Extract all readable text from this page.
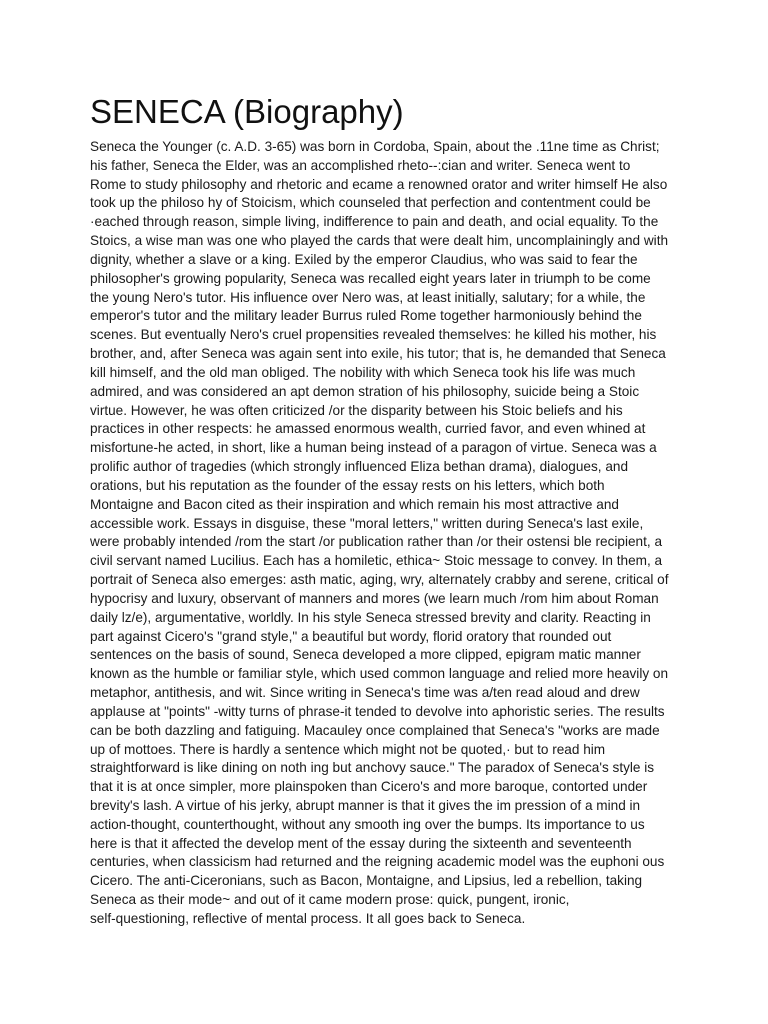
SENECA (Biography)
Seneca the Younger (c. A.D. 3-65) was born in Cordoba, Spain, about the .11ne time as Christ;
his father, Seneca the Elder, was an accomplished rheto--:cian and writer. Seneca went to
Rome to study philosophy and rhetoric and ecame a renowned orator and writer himself He also
took up the philoso hy of Stoicism, which counseled that perfection and contentment could be
·eached through reason, simple living, indifference to pain and death, and ocial equality. To the
Stoics, a wise man was one who played the cards that were dealt him, uncomplainingly and with
dignity, whether a slave or a king. Exiled by the emperor Claudius, who was said to fear the
philosopher's growing popularity, Seneca was recalled eight years later in triumph to be come
the young Nero's tutor. His influence over Nero was, at least initially, salutary; for a while, the
emperor's tutor and the military leader Burrus ruled Rome together harmoniously behind the
scenes. But eventually Nero's cruel propensities revealed themselves: he killed his mother, his
brother, and, after Seneca was again sent into exile, his tutor; that is, he demanded that Seneca
kill himself, and the old man obliged. The nobility with which Seneca took his life was much
admired, and was considered an apt demon stration of his philosophy, suicide being a Stoic
virtue. However, he was often criticized /or the disparity between his Stoic beliefs and his
practices in other respects: he amassed enormous wealth, curried favor, and even whined at
misfortune-he acted, in short, like a human being instead of a paragon of virtue. Seneca was a
prolific author of tragedies (which strongly influenced Eliza bethan drama), dialogues, and
orations, but his reputation as the founder of the essay rests on his letters, which both
Montaigne and Bacon cited as their inspiration and which remain his most attractive and
accessible work. Essays in disguise, these "moral letters," written during Seneca's last exile,
were probably intended /rom the start /or publication rather than /or their ostensi ble recipient, a
civil servant named Lucilius. Each has a homiletic, ethica~ Stoic message to convey. In them, a
portrait of Seneca also emerges: asth matic, aging, wry, alternately crabby and serene, critical of
hypocrisy and luxury, observant of manners and mores (we learn much /rom him about Roman
daily lz/e), argumentative, worldly. In his style Seneca stressed brevity and clarity. Reacting in
part against Cicero's "grand style," a beautiful but wordy, florid oratory that rounded out
sentences on the basis of sound, Seneca developed a more clipped, epigram matic manner
known as the humble or familiar style, which used common language and relied more heavily on
metaphor, antithesis, and wit. Since writing in Seneca's time was a/ten read aloud and drew
applause at "points" -witty turns of phrase-it tended to devolve into aphoristic series. The results
can be both dazzling and fatiguing. Macauley once complained that Seneca's "works are made
up of mottoes. There is hardly a sentence which might not be quoted,· but to read him
straightforward is like dining on noth ing but anchovy sauce." The paradox of Seneca's style is
that it is at once simpler, more plainspoken than Cicero's and more baroque, contorted under
brevity's lash. A virtue of his jerky, abrupt manner is that it gives the im pression of a mind in
action-thought, counterthought, without any smooth ing over the bumps. Its importance to us
here is that it affected the develop ment of the essay during the sixteenth and seventeenth
centuries, when classicism had returned and the reigning academic model was the euphoni ous
Cicero. The anti-Ciceronians, such as Bacon, Montaigne, and Lipsius, led a rebellion, taking
Seneca as their mode~ and out of it came modern prose: quick, pungent, ironic,
self-questioning, reflective of mental process. It all goes back to Seneca.
